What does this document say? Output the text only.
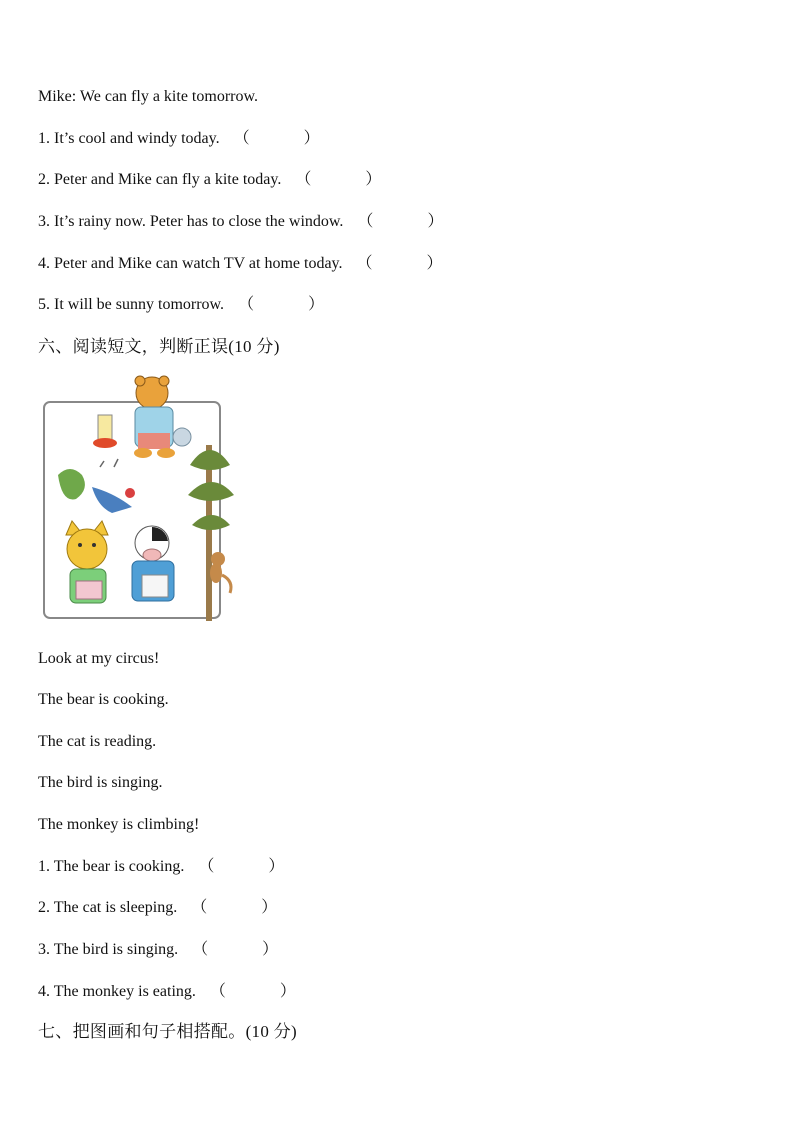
Mike: We can fly a kite tomorrow.
1. It’s cool and windy today. （	）
2. Peter and Mike can fly a kite today. （	）
3. It’s rainy now. Peter has to close the window. （	）
4. Peter and Mike can watch TV at home today. （	）
5. It will be sunny tomorrow. （	）
六、阅读短文，判断正误(10 分)
Look at my circus!
The bear is cooking.
The cat is reading.
The bird is singing.
The monkey is climbing!
1. The bear is cooking. （	）
2. The cat is sleeping. （	）
3. The bird is singing. （	）
4. The monkey is eating. （	）
七、把图画和句子相搭配。(10 分)
